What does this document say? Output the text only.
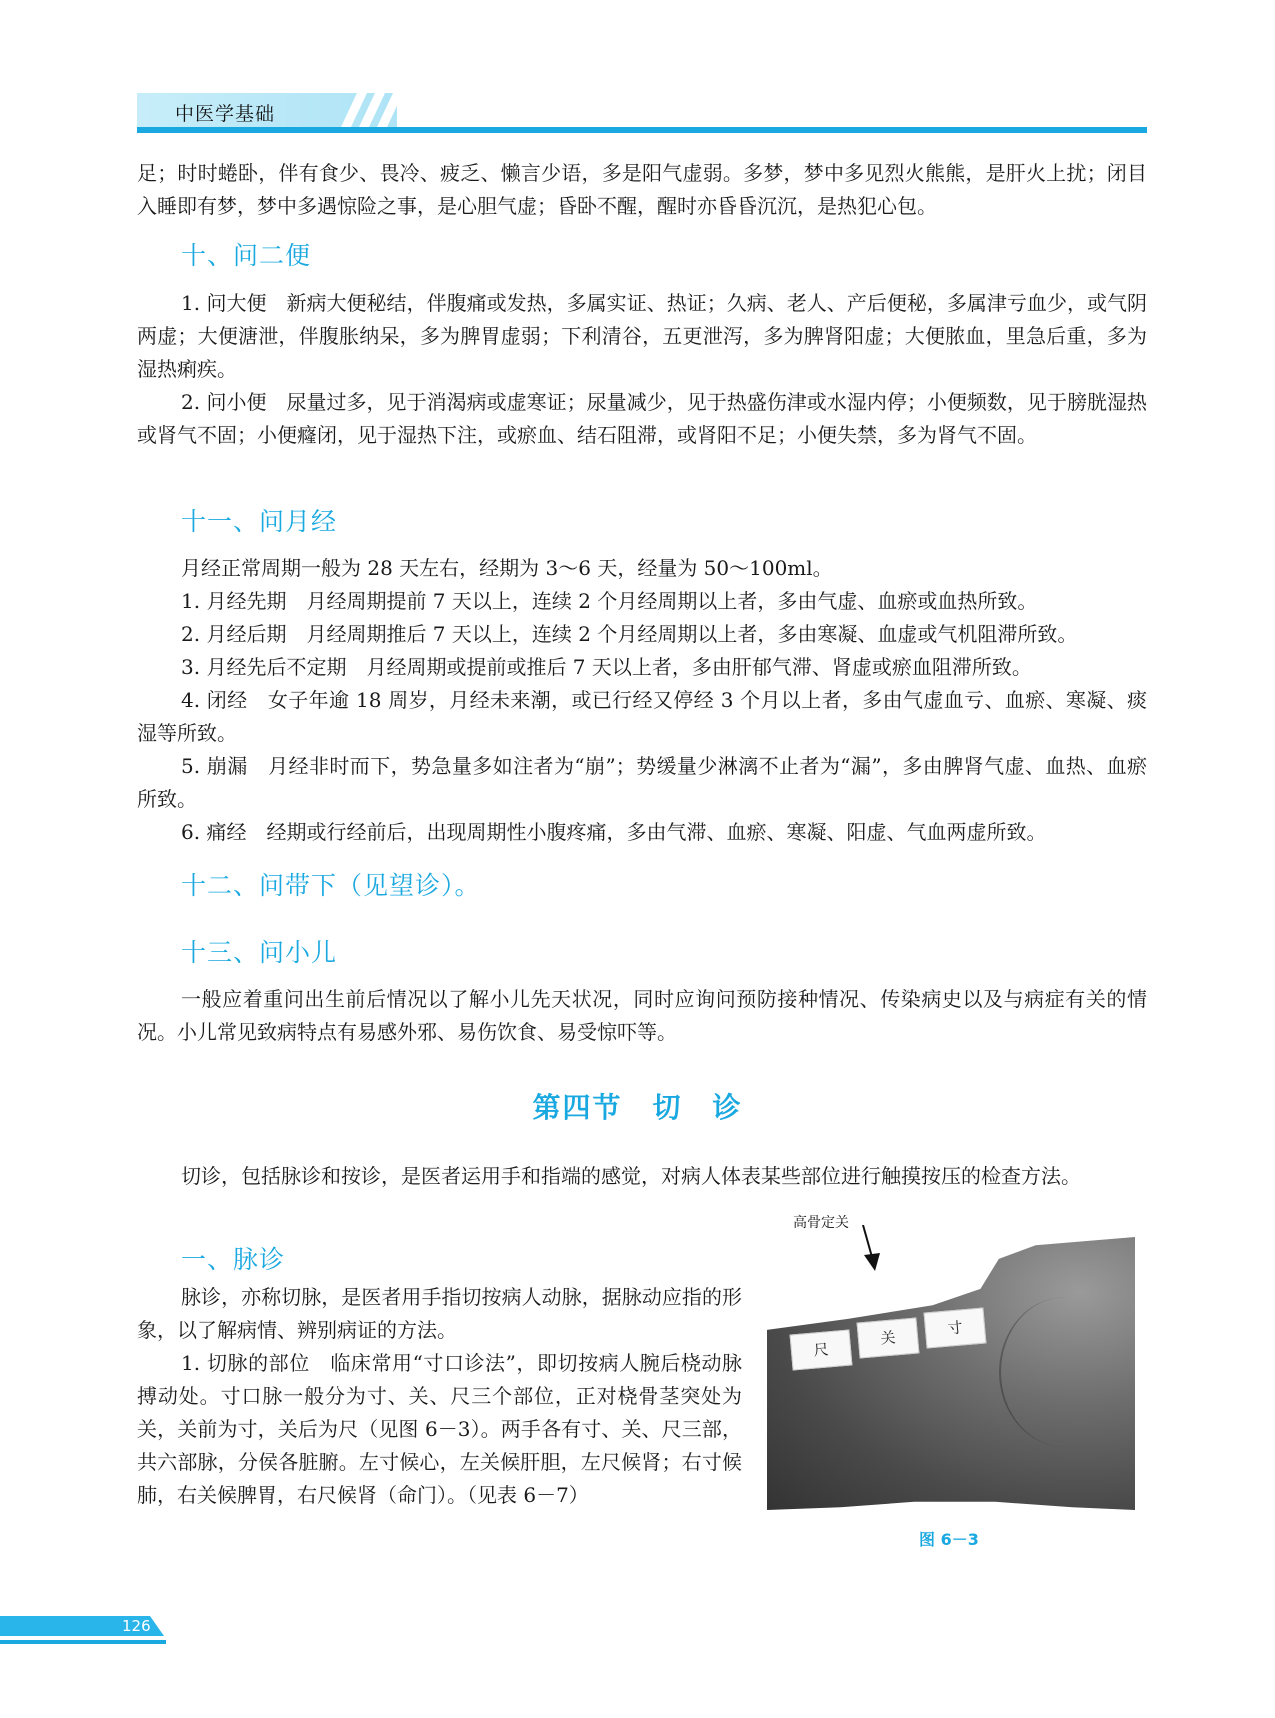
中医学基础

足；时时蜷卧，伴有食少、畏冷、疲乏、懒言少语，多是阳气虚弱。多梦，梦中多见烈火熊熊，是肝火上扰；闭目入睡即有梦，梦中多遇惊险之事，是心胆气虚；昏卧不醒，醒时亦昏昏沉沉，是热犯心包。

十、问二便

1. 问大便　新病大便秘结，伴腹痛或发热，多属实证、热证；久病、老人、产后便秘，多属津亏血少，或气阴两虚；大便溏泄，伴腹胀纳呆，多为脾胃虚弱；下利清谷，五更泄泻，多为脾肾阳虚；大便脓血，里急后重，多为湿热痢疾。

2. 问小便　尿量过多，见于消渴病或虚寒证；尿量减少，见于热盛伤津或水湿内停；小便频数，见于膀胱湿热或肾气不固；小便癃闭，见于湿热下注，或瘀血、结石阻滞，或肾阳不足；小便失禁，多为肾气不固。

十一、问月经

月经正常周期一般为 28 天左右，经期为 3～6 天，经量为 50～100ml。

1. 月经先期　月经周期提前 7 天以上，连续 2 个月经周期以上者，多由气虚、血瘀或血热所致。

2. 月经后期　月经周期推后 7 天以上，连续 2 个月经周期以上者，多由寒凝、血虚或气机阻滞所致。

3. 月经先后不定期　月经周期或提前或推后 7 天以上者，多由肝郁气滞、肾虚或瘀血阻滞所致。

4. 闭经　女子年逾 18 周岁，月经未来潮，或已行经又停经 3 个月以上者，多由气虚血亏、血瘀、寒凝、痰湿等所致。

5. 崩漏　月经非时而下，势急量多如注者为“崩”；势缓量少淋漓不止者为“漏”，多由脾肾气虚、血热、血瘀所致。

6. 痛经　经期或行经前后，出现周期性小腹疼痛，多由气滞、血瘀、寒凝、阳虚、气血两虚所致。

十二、问带下（见望诊）。
十三、问小儿

一般应着重问出生前后情况以了解小儿先天状况，同时应询问预防接种情况、传染病史以及与病症有关的情况。小儿常见致病特点有易感外邪、易伤饮食、易受惊吓等。

第四节　切　诊

切诊，包括脉诊和按诊，是医者运用手和指端的感觉，对病人体表某些部位进行触摸按压的检查方法。

一、脉诊

脉诊，亦称切脉，是医者用手指切按病人动脉，据脉动应指的形象，以了解病情、辨别病证的方法。

1. 切脉的部位　临床常用“寸口诊法”，即切按病人腕后桡动脉搏动处。寸口脉一般分为寸、关、尺三个部位，正对桡骨茎突处为关，关前为寸，关后为尺（见图 6－3）。两手各有寸、关、尺三部，共六部脉，分侯各脏腑。左寸候心，左关候肝胆，左尺候肾；右寸候肺，右关候脾胃，右尺候肾（命门）。（见表 6－7）

高骨定关
尺
关
寸
图 6－3
126
